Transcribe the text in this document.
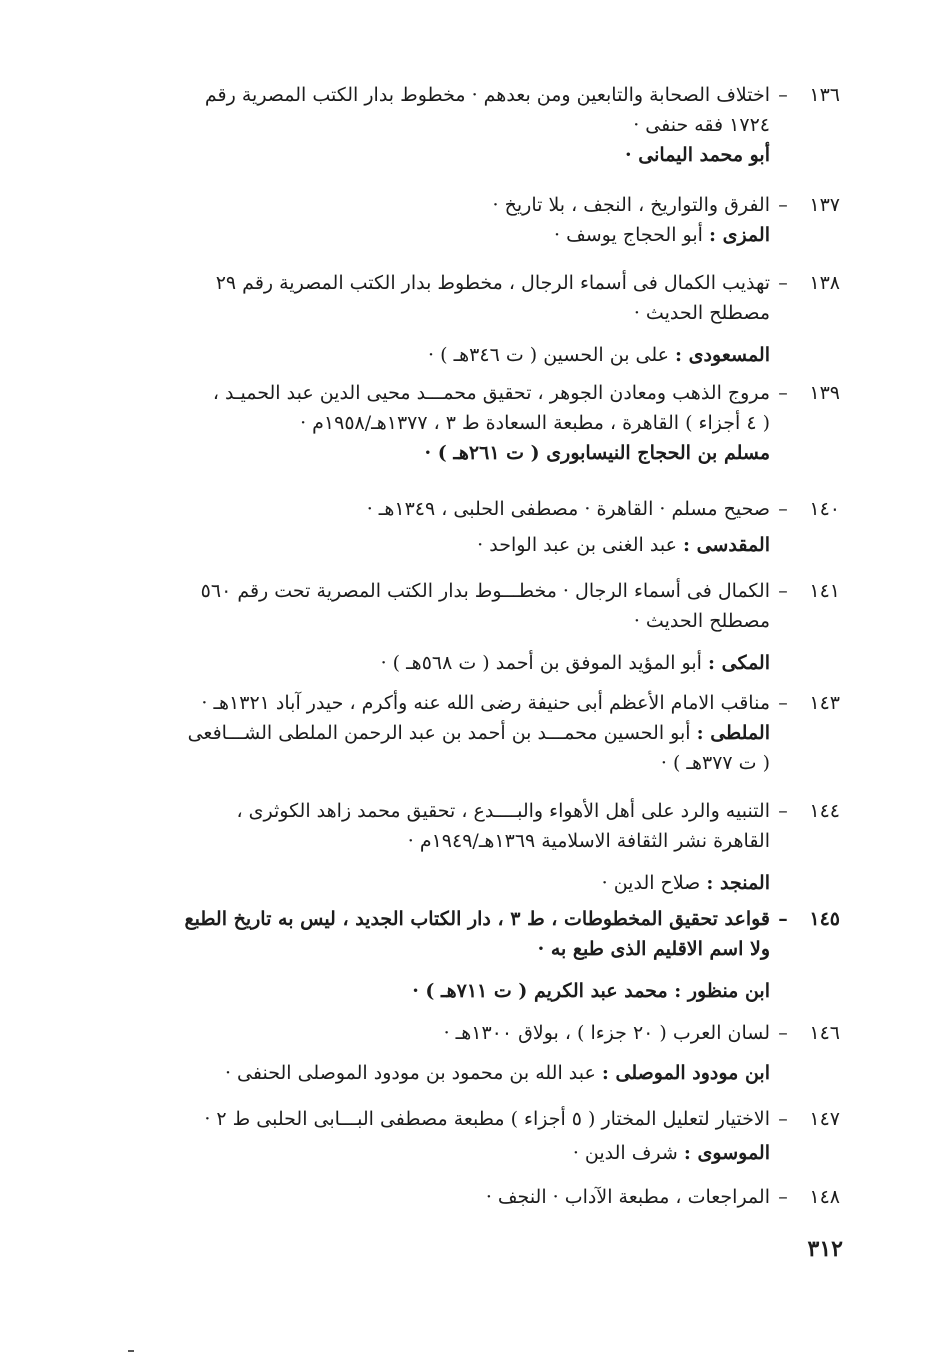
١٣٦
–
اختلاف الصحابة والتابعين ومن بعدهم · مخطوط بدار الكتب المصرية رقم
١٧٢٤ فقه حنفى ·
أبو محمد اليمانى ·
١٣٧
–
الفرق والتواريخ ، النجف ، بلا تاريخ ·
المزى : أبو الحجاج يوسف ·
١٣٨
–
تهذيب الكمال فى أسماء الرجال ، مخطوط بدار الكتب المصرية رقم ٢٩
مصطلح الحديث ·
المسعودى : على بن الحسين ( ت ٣٤٦هـ ) ·
١٣٩
–
مروج الذهب ومعادن الجوهر ، تحقيق محمـــد محيى الدين عبد الحميـد ،
( ٤ أجزاء ) القاهرة ، مطبعة السعادة ط ٣ ، ١٣٧٧هـ/١٩٥٨م ·
مسلم بن الحجاج النيسابورى ( ت ٢٦١هـ ) ·
١٤٠
–
صحيح مسلم · القاهرة · مصطفى الحلبى ، ١٣٤٩هـ ·
المقدسى : عبد الغنى بن عبد الواحد ·
١٤١
–
الكمال فى أسماء الرجال · مخطـــوط بدار الكتب المصرية تحت رقم ٥٦٠
مصطلح الحديث ·
المكى : أبو المؤيد الموفق بن أحمد ( ت ٥٦٨هـ ) ·
١٤٣
–
مناقب الامام الأعظم أبى حنيفة رضى الله عنه وأكرم ، حيدر آباد ١٣٢١هـ ·
الملطى : أبو الحسين محمـــد بن أحمد بن عبد الرحمن الملطى الشـــافعى
( ت ٣٧٧هـ ) ·
١٤٤
–
التنبيه والرد على أهل الأهواء والبــــدع ، تحقيق محمد زاهد الكوثرى ،
القاهرة نشر الثقافة الاسلامية ١٣٦٩هـ/١٩٤٩م ·
المنجد : صلاح الدين ·
١٤٥
–
قواعد تحقيق المخطوطات ، ط ٣ ، دار الكتاب الجديد ، ليس به تاريخ الطبع
ولا اسم الاقليم الذى طبع به ·
ابن منظور : محمد عبد الكريم ( ت ٧١١هـ ) ·
١٤٦
–
لسان العرب ( ٢٠ جزءا ) ، بولاق ١٣٠٠هـ ·
ابن مودود الموصلى : عبد الله بن محمود بن مودود الموصلى الحنفى ·
١٤٧
–
الاختيار لتعليل المختار ( ٥ أجزاء ) مطبعة مصطفى البـــابى الحلبى ط ٢ ·
الموسوى : شرف الدين ·
١٤٨
–
المراجعات ، مطبعة الآداب · النجف ·
٣١٢
